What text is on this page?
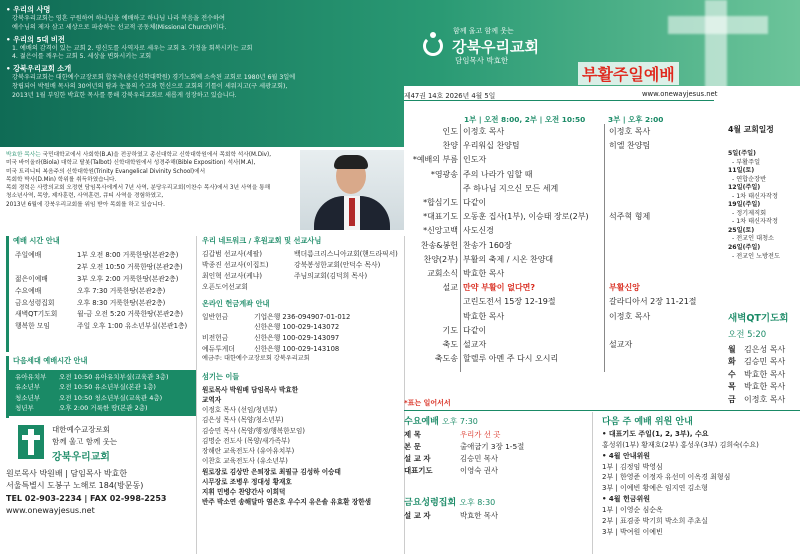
• 우리의 사명
강북우리교회는 영혼 구원하여 하나님을 예배하고 하나님 나라 복음을 전수하여
예수님의 제자 삼고 세상으로 파송하는 선교적 공동체(Missional Church)이다.
• 우리의 5대 비전
1. 예배의 감격이 있는 교회 2. 평신도를 사역자로 세우는 교회 3. 가정을 회복시키는 교회
4. 젊은이를 깨우는 교회 5. 세상을 변화시키는 교회
• 강북우리교회 소개
강북우리교회는 대한예수교장로회 합동측(총신신학대학원) 경기노회에 소속된 교회로 1980년 6월 3일에
창립되어 박원배 목사의 30여년의 땀과 눈물의 수고와 헌신으로 교회의 기틀이 세워지고(구 세광교회),
2013년 1월 부임한 박효한 목사를 통해 강북우리교회로 새롭게 성장하고 있습니다.
함께 울고 함께 웃는
강북우리교회
담임목사 박효한
부활주일예배
제47권 14호 2026년 4월 5일	www.onewayjesus.net
1부 | 오전 8:00, 2부 | 오전 10:50	3부 | 오후 2:00
인도 이정호 목사	이정호 목사
찬양 우리워십 찬양팀	히엘 찬양팀
*예배의 부름 인도자
*영광송 주의 나라가 임할 때
주 하나님 지으신 모든 세계
*합심기도 다같이
*대표기도 오동훈 집사(1부), 이승태 장로(2부)	석주혁 형제
*신앙고백 사도신경
찬송&봉헌 찬송가 160장
찬양(2부) 부활의 축제 / 시온 찬양대
교회소식 박효한 목사
설교 만약 부활이 없다면?	부활신앙
고린도전서 15장 12-19절	갈라디아서 2장 11-21절
박효한 목사	이정호 목사
기도 다같이
축도 설교자	설교자
축도송 할렐루 아멘 주 다시 오시리
박효한 목사는 국민대학교에서 사회학(B.A)을 전공하였고 총신대학교 신학대학원에서 목회학 석사(M.Div),
미국 바이올라(Biola) 대학교 탈봇(Talbot) 신학대학원에서 성경주해(Bible Exposition) 석사(M.A),
미국 트리니티 복음주의 신학대학원(Trinity Evangelical Divinity School)에서
목회학 박사(D.Min) 학위를 취득하였습니다.
목회 경력은 사랑의교회 오정현 담임목사에게서 7년 사역, 분당우리교회(이찬수 목사)에서 3년 사역을 통해
청소년사역, 목양, 제자훈련, 사역훈련, 큐티 사역을 경험하였고,
2013년 6월에 강북우리교회를 위임 받아 목회를 하고 있습니다.
예배 시간 안내
주일예배	1부 오전 8:00 거룩한땅(본관2층)
2부 오전 10:50 거룩한땅(본관2층)
젊은이예배	3부 오후 2:00 거룩한땅(본관2층)
수요예배	오후 7:30 거룩한땅(본관2층)
금요성령집회	오후 8:30 거룩한땅(본관2층)
새벽QT기도회	월-금 오전 5:20 거룩한땅(본관2층)
행복한 모임	주일 오후 1:00 유소년부실(본관1층)
다음세대 예배시간 안내
유아유치부 오전 10:50 유아유치부실(교육관 3층)
유소년부	오전 10:50 유소년부실(본관 1층)
청소년부	오전 10:50 청소년부실(교육관 4층)
청년부	오후 2:00 거룩한 땅(본관 2층)
대한예수교장로회
함께 울고 함께 웃는
강북우리교회
원로목사 박원배 | 담임목사 박효한
서울특별시 도봉구 노해로 184(방문동)
TEL 02-903-2234 | FAX 02-998-2253
www.onewayjesus.net
우리 네트워크 / 후원교회 및 선교사님
김갑범 선교사(세팔)	백더름크리스니아교회(핸드라픽서)
박종진 선교사(이집트)	강북봉성한교회(안덕수 목사)
최인혁 선교사(케냐)	주님의교회(김덕희 목사)
오픈도어선교회
온라인 헌금계좌 안내
일반헌금	기업은행 236-094907-01-012
신한은행 100-029-143072
비전헌금	신한은행 100-029-143097
예듀투게더	신한은행 100-029-143108
예금주: 대한예수교장로회 강북우리교회
섬기는 이들
원로목사 박원배 담임목사 박효한
교역자
이정호 목사 (선임/청년부)
김은성 목사 (목양/청소년부)
김승민 목사 (목양/행정/행복한모임)
김명순 전도사 (목양/새가족부)
장해란 교육전도사 (유아유치부)
이찬호 교육전도사 (유소년부)
원로장로 김상만 은퇴장로 최필규 김성하 이승태
시무장로 조병우 정대성 황재호
지휘 민병수 찬양간사 이희덕
반주 박소연 송해달마 염은호 우수지 유은솔 유효환 장한샘
4월 교회일정
5일(주일)
- 부활주일
11일(토)
- 연합순장반
12일(주일)
- 1차 태신자작정
19일(주일)
- 정기제직회
- 1차 태신자작정
25일(토)
- 전교인 대청소
26일(주일)
- 전교인 노방전도
새벽QT기도회
오전 5:20
월 김은성 목사
화 김승민 목사
수 박효한 목사
목 박효한 목사
금 이정호 목사
*표는 일어서서
수요예배 오후 7:30
제 목	우리가 선 곳
본 문	출애굽기 3장 1-5절
설 교 자	김승민 목사
대표기도	이영숙 권사
금요성령집회 오후 8:30
설 교 자	박효한 목사
다음 주 예배 위원 안내
• 대표기도 주일(1, 2, 3부), 수요
홍성위(1부) 황재호(2부) 홍성우(3부) 김희숙(수요)
• 4월 안내위원
1부 | 김정임 박영심
2부 | 한영준 이정자 유선미 이옥경 최형심
3부 | 이예빈 황예은 임지연 김소형
• 4월 헌금위원
1부 | 이영순 심순옥
2부 | 표겸종 박기희 박소희 주초실
3부 | 박여원 이예빈
